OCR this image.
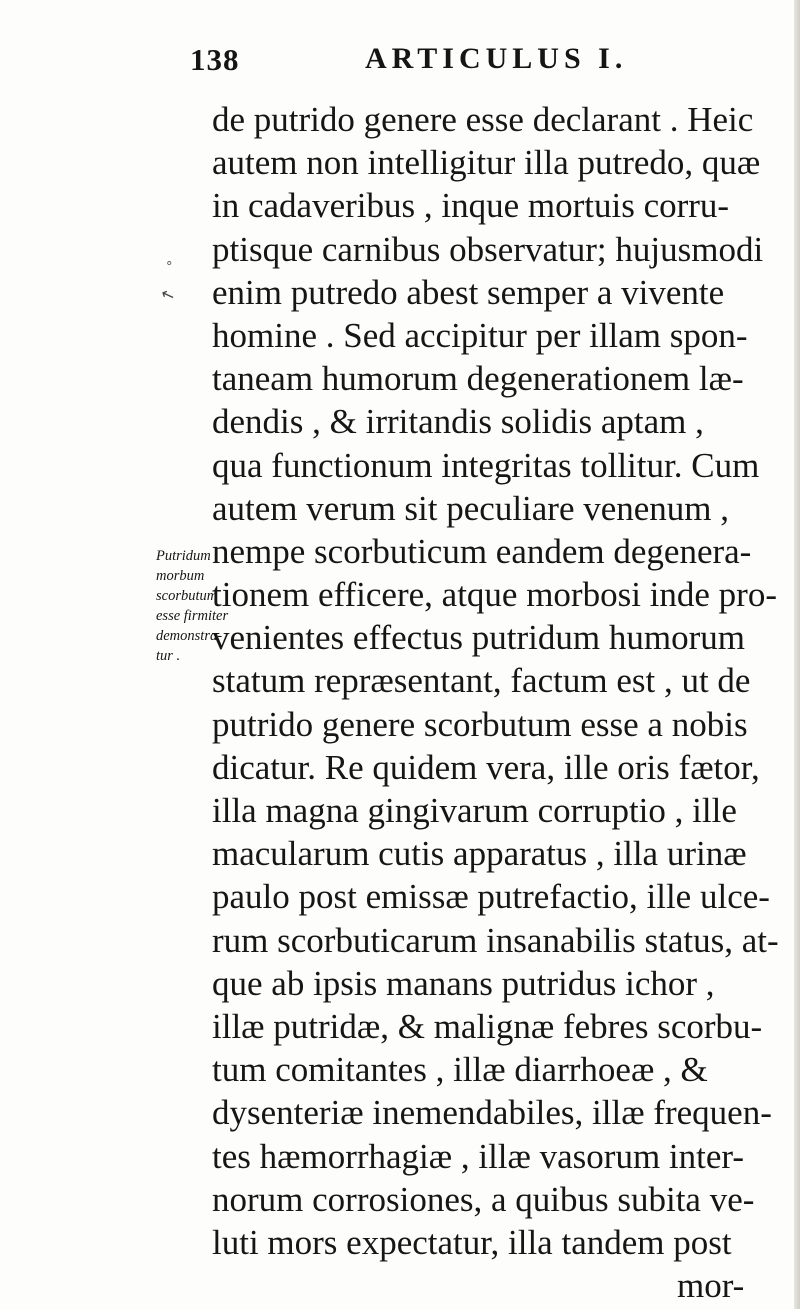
138	ARTICULUS I.
°
↖
Putridum
morbum
scorbutum
esse firmiter
demonstra-
tur .
de putrido genere esse declarant . Heic
autem non intelligitur illa putredo, quæ
in cadaveribus , inque mortuis corru-
ptisque carnibus observatur; hujusmodi
enim putredo abest semper a vivente
homine . Sed accipitur per illam spon-
taneam humorum degenerationem læ-
dendis , & irritandis solidis aptam ,
qua functionum integritas tollitur. Cum
autem verum sit peculiare venenum ,
nempe scorbuticum eandem degenera-
tionem efficere, atque morbosi inde pro-
venientes effectus putridum humorum
statum repræsentant, factum est , ut de
putrido genere scorbutum esse a nobis
dicatur. Re quidem vera, ille oris fætor,
illa magna gingivarum corruptio , ille
macularum cutis apparatus , illa urinæ
paulo post emissæ putrefactio, ille ulce-
rum scorbuticarum insanabilis status, at-
que ab ipsis manans putridus ichor ,
illæ putridæ, & malignæ febres scorbu-
tum comitantes , illæ diarrhoeæ , &
dysenteriæ inemendabiles, illæ frequen-
tes hæmorrhagiæ , illæ vasorum inter-
norum corrosiones, a quibus subita ve-
luti mors expectatur, illa tandem post
mor-
